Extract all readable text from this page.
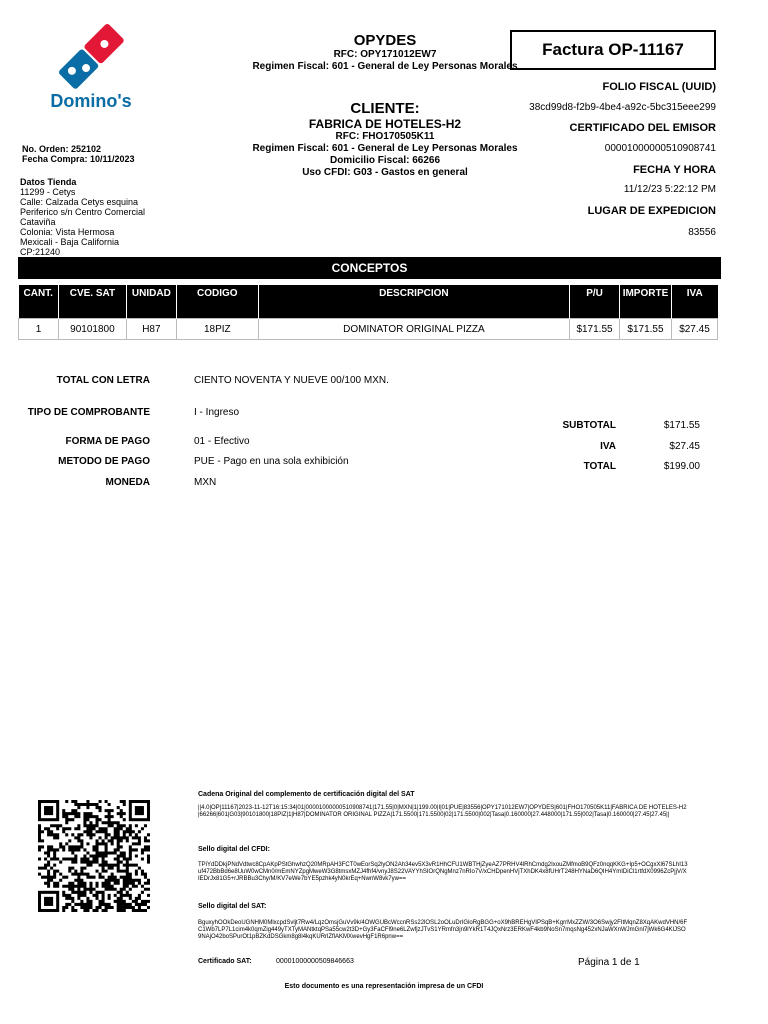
Domino's
OPYDES
RFC: OPY171012EW7
Regimen Fiscal: 601 - General de Ley Personas Morales
CLIENTE:
FABRICA DE HOTELES-H2
RFC: FHO170505K11
Regimen Fiscal: 601 - General de Ley Personas Morales
Domicilio Fiscal: 66266
Uso CFDI: G03 - Gastos en general
Factura OP-11167
FOLIO FISCAL (UUID)
38cd99d8-f2b9-4be4-a92c-5bc315eee299
CERTIFICADO DEL EMISOR
00001000000510908741
FECHA Y HORA
11/12/23 5:22:12 PM
LUGAR DE EXPEDICION
83556
No. Orden: 252102
Fecha Compra: 10/11/2023
Datos Tienda
11299 - Cetys
Calle: Calzada Cetys esquina
Periferico s/n Centro Comercial
Cataviña
Colonia: Vista Hermosa
Mexicali - Baja California
CP:21240
CONCEPTOS
CANT.	CVE. SAT	UNIDAD	CODIGO	DESCRIPCION	P/U	IMPORTE	IVA
1	90101800	H87	18PIZ	DOMINATOR ORIGINAL PIZZA	$171.55	$171.55	$27.45
TOTAL CON LETRA	CIENTO NOVENTA Y NUEVE 00/100 MXN.
TIPO DE COMPROBANTE	I - Ingreso
FORMA DE PAGO	01 - Efectivo
METODO DE PAGO	PUE - Pago en una sola exhibición
MONEDA	MXN
SUBTOTAL	$171.55
IVA	$27.45
TOTAL	$199.00
Cadena Original del complemento de certificación digital del SAT
||4.0|OP|11167|2023-11-12T16:15:34|01|00001000000510908741|171.55|0|MXN|1|199.00|I|01|PUE|83556|OPY171012EW7|OPYDES|601|FHO170505K11|FABRICA DE HOTELES-H2|66266|601|G03|90101800|18PIZ|1|H87|DOMINATOR ORIGINAL PIZZA|171.5500|171.5500|02|171.5500|002|Tasa|0.160000|27.448000|171.55|002|Tasa|0.160000|27.45|27.45||
Sello digital del CFDI:
TPiYdDDkjPNdVdtwc8CpAKpPStGhwhzQ20MRpAH3FCT0wEorSq2lyON2Ah34ev5X3vR1HhCFU1WBTHjZyeAZ7PRHV4lRhCmdg2IxouZMfmoB9QFz0nqqKKG+Ip5+OCgxXl67SLhI13uf472BbBd6e8UuW0wCMn0/mEmNYZpgMweW3G8tmsxMZJ4fhf4/vnyJ8S22VAYYhSIOrQNgMnz7nRIo7V/xCHDpenHVjTXhDK4x8fUHrT248HYNaD6QIH4YmIDiCl1rtfdX0996ZcPjjV/XIEDrJx81G5+rJRBBu3Chy/M/KV7eWe7bYE5pzhk4yN0krEq+NwnW8vk7yw==
Sello digital del SAT:
BguxyhOOkDeoUGNHM0MlxcpdSvljt7Rw4/LqzOmsjGuVv9k/4OWGUBcWccnRSs22lOSL2oOLuDrIGloRgBGG+oX9hBREHgVIPSqB+KgrrMxZZW/3O6Swjy2FItMqnZ8XqAKwdVHN/6FC1Wb7LP7L1cim4k0qmZig449yTXTyMANtktqPSa55cw2t3D+Gy3FaCFl9ne6LZwfjzJTvS1YRmfn3jn9lYkR1T4JQxNrz3ERKwF4kb9NoSn7mqsNg452xNJaWXnWJmGnl7jWk6G4KlJSO9NAjO42boSPurOt1pBZKdDSGkm8g8l4kqKURrlZflAKMXwevHgF1R6pnw==
Certificado SAT:	00001000000509846663	Página 1 de 1
Esto documento es una representación impresa de un CFDI
